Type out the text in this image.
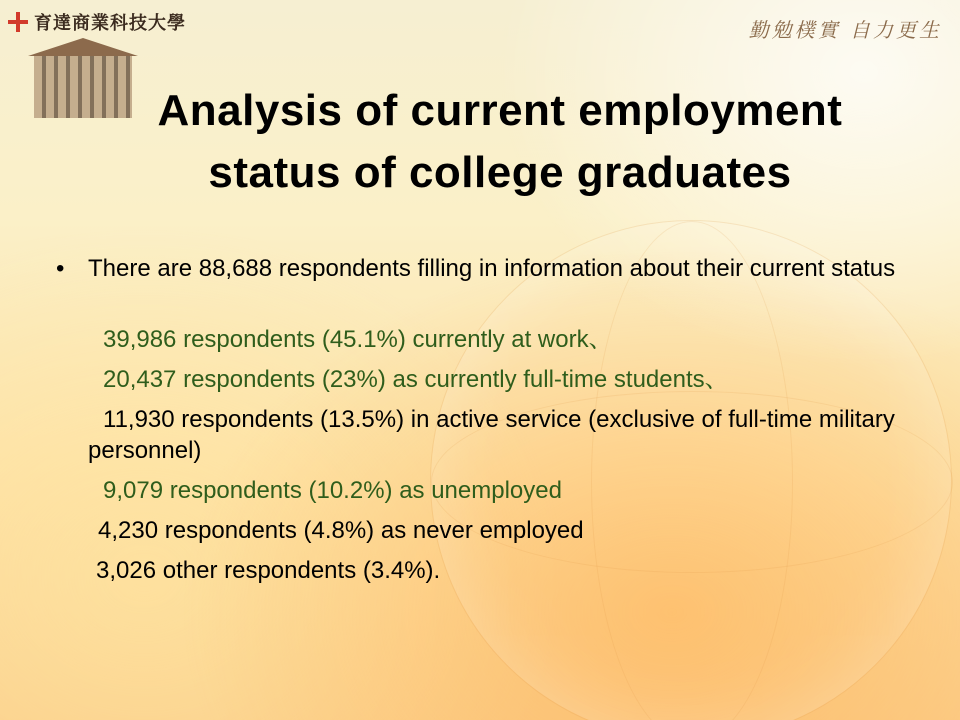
育達商業科技大學	勤勉樸實 自力更生
Analysis of current employment
status of college graduates
• There are 88,688 respondents filling in information about their current status

39,986 respondents (45.1%) currently at work、

20,437 respondents (23%) as currently full-time students、

11,930 respondents (13.5%) in active service (exclusive of full-time military personnel)

9,079 respondents (10.2%) as unemployed

4,230 respondents (4.8%) as never employed

3,026 other respondents (3.4%).
